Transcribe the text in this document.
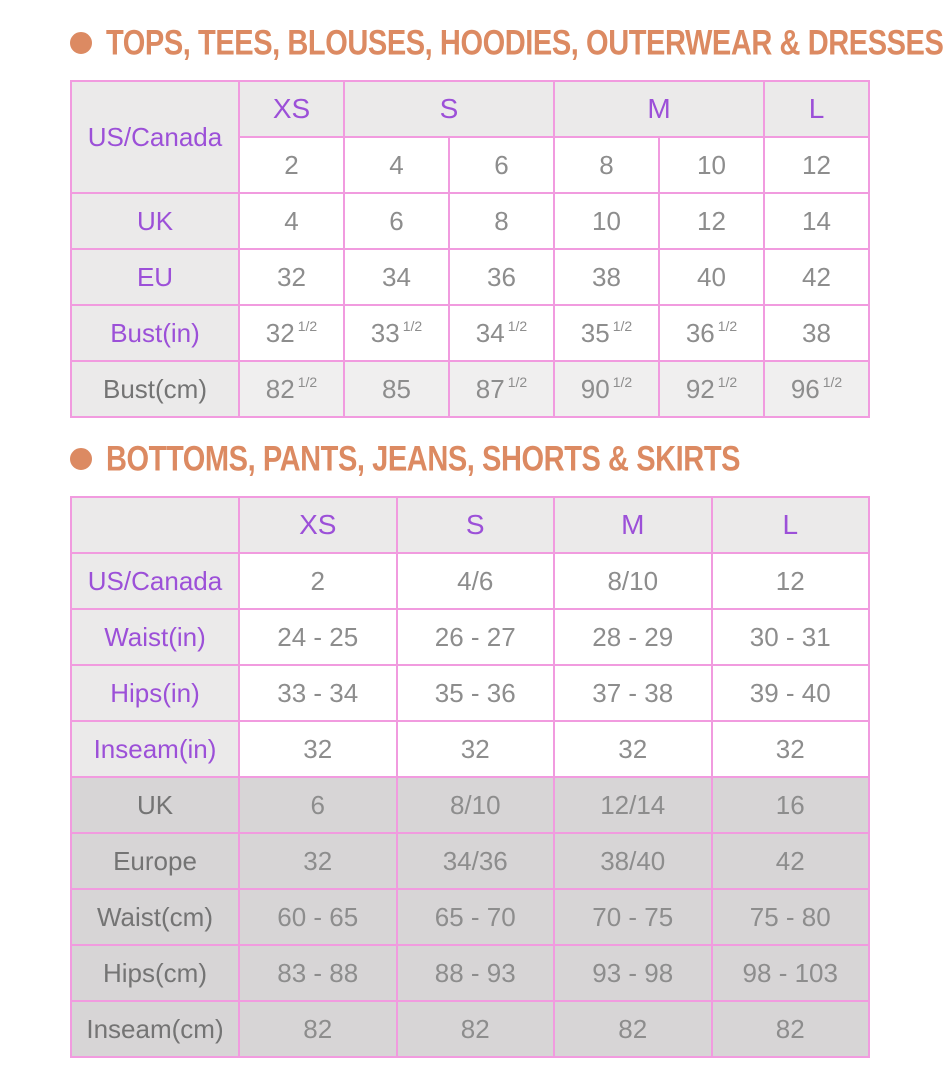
TOPS, TEES, BLOUSES, HOODIES, OUTERWEAR & DRESSES
US/Canada	XS	S		M		L
	2	4	6	8	10	12
UK	4	6	8	10	12	14
EU	32	34	36	38	40	42
Bust(in)	32 $^{1/2}$	33 $^{1/2}$	34 $^{1/2}$	35 $^{1/2}$	36 $^{1/2}$	38
Bust(cm)	82 $^{1/2}$	85	87 $^{1/2}$	90 $^{1/2}$	92 $^{1/2}$	96 $^{1/2}$
BOTTOMS, PANTS, JEANS, SHORTS & SKIRTS
	XS	S	M	L
US/Canada	2	4/6	8/10	12
Waist(in)	24 - 25	26 - 27	28 - 29	30 - 31
Hips(in)	33 - 34	35 - 36	37 - 38	39 - 40
Inseam(in)	32	32	32	32
UK	6	8/10	12/14	16
Europe	32	34/36	38/40	42
Waist(cm)	60 - 65	65 - 70	70 - 75	75 - 80
Hips(cm)	83 - 88	88 - 93	93 - 98	98 - 103
Inseam(cm)	82	82	82	82
